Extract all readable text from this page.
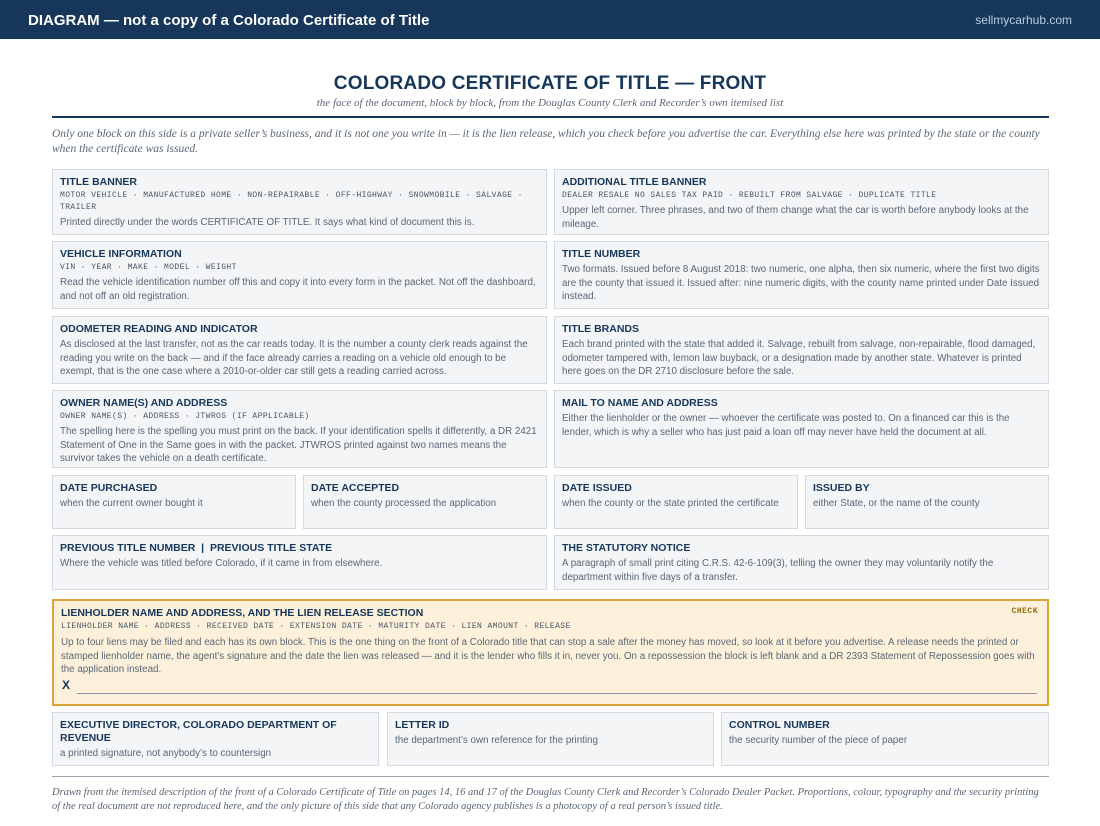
DIAGRAM — not a copy of a Colorado Certificate of Title	sellmycarhub.com
COLORADO CERTIFICATE OF TITLE — FRONT
the face of the document, block by block, from the Douglas County Clerk and Recorder’s own itemised list
Only one block on this side is a private seller’s business, and it is not one you write in — it is the lien release, which you check before you advertise the car. Everything else here was printed by the state or the county when the certificate was issued.
TITLE BANNER
MOTOR VEHICLE · MANUFACTURED HOME · NON-REPAIRABLE · OFF-HIGHWAY · SNOWMOBILE · SALVAGE · TRAILER
Printed directly under the words CERTIFICATE OF TITLE. It says what kind of document this is.
ADDITIONAL TITLE BANNER
DEALER RESALE NO SALES TAX PAID · REBUILT FROM SALVAGE · DUPLICATE TITLE
Upper left corner. Three phrases, and two of them change what the car is worth before anybody looks at the mileage.
VEHICLE INFORMATION
VIN · YEAR · MAKE · MODEL · WEIGHT
Read the vehicle identification number off this and copy it into every form in the packet. Not off the dashboard, and not off an old registration.
TITLE NUMBER
Two formats. Issued before 8 August 2018: two numeric, one alpha, then six numeric, where the first two digits are the county that issued it. Issued after: nine numeric digits, with the county name printed under Date Issued instead.
ODOMETER READING AND INDICATOR
As disclosed at the last transfer, not as the car reads today. It is the number a county clerk reads against the reading you write on the back — and if the face already carries a reading on a vehicle old enough to be exempt, that is the one case where a 2010-or-older car still gets a reading carried across.
TITLE BRANDS
Each brand printed with the state that added it. Salvage, rebuilt from salvage, non-repairable, flood damaged, odometer tampered with, lemon law buyback, or a designation made by another state. Whatever is printed here goes on the DR 2710 disclosure before the sale.
OWNER NAME(S) AND ADDRESS
OWNER NAME(S) · ADDRESS · JTWROS (IF APPLICABLE)
The spelling here is the spelling you must print on the back. If your identification spells it differently, a DR 2421 Statement of One in the Same goes in with the packet. JTWROS printed against two names means the survivor takes the vehicle on a death certificate.
MAIL TO NAME AND ADDRESS
Either the lienholder or the owner — whoever the certificate was posted to. On a financed car this is the lender, which is why a seller who has just paid a loan off may never have held the document at all.
DATE PURCHASED
when the current owner bought it
DATE ACCEPTED
when the county processed the application
DATE ISSUED
when the county or the state printed the certificate
ISSUED BY
either State, or the name of the county
PREVIOUS TITLE NUMBER  |  PREVIOUS TITLE STATE
Where the vehicle was titled before Colorado, if it came in from elsewhere.
THE STATUTORY NOTICE
A paragraph of small print citing C.R.S. 42-6-109(3), telling the owner they may voluntarily notify the department within five days of a transfer.
CHECK
LIENHOLDER NAME AND ADDRESS, AND THE LIEN RELEASE SECTION
LIENHOLDER NAME · ADDRESS · RECEIVED DATE · EXTENSION DATE · MATURITY DATE · LIEN AMOUNT · RELEASE
Up to four liens may be filed and each has its own block. This is the one thing on the front of a Colorado title that can stop a sale after the money has moved, so look at it before you advertise. A release needs the printed or stamped lienholder name, the agent’s signature and the date the lien was released — and it is the lender who fills it in, never you. On a repossession the block is left blank and a DR 2393 Statement of Repossession goes with the application instead.
X
EXECUTIVE DIRECTOR, COLORADO DEPARTMENT OF REVENUE
a printed signature, not anybody’s to countersign
LETTER ID
the department’s own reference for the printing
CONTROL NUMBER
the security number of the piece of paper
Drawn from the itemised description of the front of a Colorado Certificate of Title on pages 14, 16 and 17 of the Douglas County Clerk and Recorder’s Colorado Dealer Packet. Proportions, colour, typography and the security printing of the real document are not reproduced here, and the only picture of this side that any Colorado agency publishes is a photocopy of a real person’s issued title.
